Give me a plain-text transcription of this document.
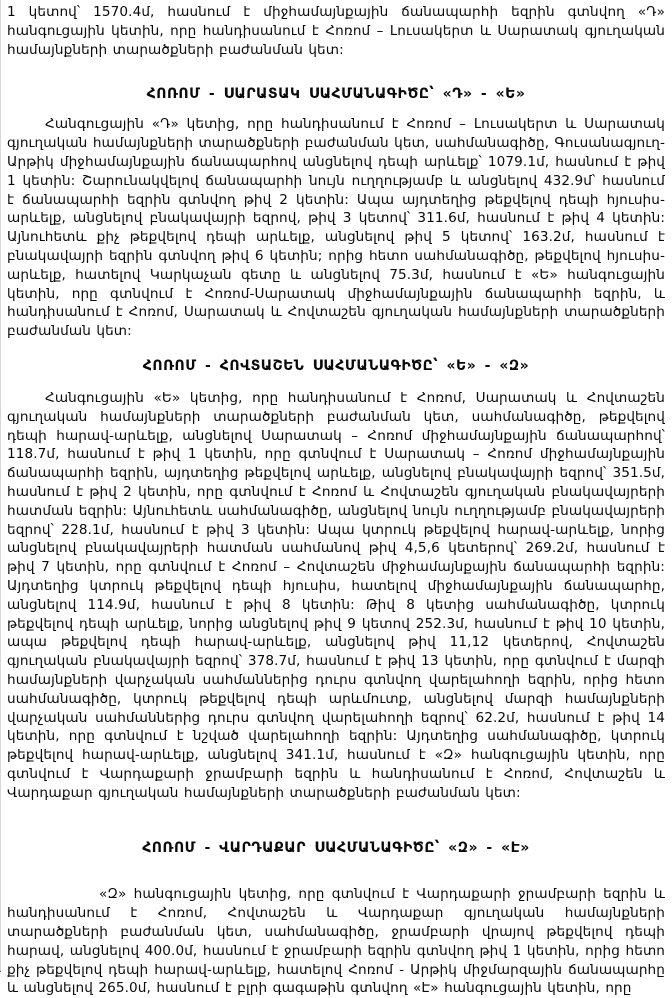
1 կետով՝ 1570.4մ, հասնում է միջհամայնքային ճանապարհի եզրին գտնվող «Դ» հանգուցային կետին, որը հանդիսանում է Հոռոմ – Լուսակերտ և Սարատակ գյուղական համայնքների տարածքների բաժանման կետ:

ՀՈՌՈՄ - ՍԱՐԱՏԱԿ ՍԱՀՄԱՆԱԳԻԾԸ՝ «Դ» - «Ե»

Հանգուցային «Դ» կետից, որը հանդիսանում է Հոռոմ – Լուսակերտ և Սարատակ գյուղական համայնքների տարածքների բաժանման կետ, սահմանագիծը, Գուսանագյուղ- Արթիկ միջհամայնքային ճանապարհով անցնելով դեպի արևելք՝ 1079.1մ, հասնում է թիվ 1 կետին: Շարունակվելով ճանապարհի նույն ուղղությամբ և անցնելով 432.9մ՝ հասնում է ճանապարհի եզրին գտնվող թիվ 2 կետին: Ապա այդտեղից թեքվելով դեպի հյուսիս-արևելք, անցնելով բնակավայրի եզրով, թիվ 3 կետով՝ 311.6մ, հասնում է թիվ 4 կետին: Այնուհետև քիչ թեքվելով դեպի արևելք, անցնելով թիվ 5 կետով՝ 163.2մ, հասնում է բնակավայրի եզրին գտնվող թիվ 6 կետին; որից հետո սահմանագիծը, թեքվելով հյուսիս-արևելք, հատելով Կարկաչան գետը և անցնելով 75.3մ, հասնում է «Ե» հանգուցային կետին, որը գտնվում է Հոռոմ-Սարատակ միջհամայնքային ճանապարհի եզրին, և հանդիսանում է Հոռոմ, Սարատակ և Հովտաշեն գյուղական համայնքների տարածքների բաժանման կետ:

ՀՈՌՈՄ - ՀՈՎՏԱՇԵՆ ՍԱՀՄԱՆԱԳԻԾԸ՝ «Ե» - «Զ»

Հանգուցային «Ե» կետից, որը հանդիսանում է Հոռոմ, Սարատակ և Հովտաշեն գյուղական համայնքների տարածքների բաժանման կետ, սահմանագիծը, թեքվելով դեպի հարավ-արևելք, անցնելով Սարատակ – Հոռոմ միջհամայնքային ճանապարհով՝ 118.7մ, հասնում է թիվ 1 կետին, որը գտնվում է Սարատակ – Հոռոմ միջհամայնքային ճանապարհի եզրին, այդտեղից թեքվելով արևելք, անցնելով բնակավայրի եզրով՝ 351.5մ, հասնում է թիվ 2 կետին, որը գտնվում է Հոռոմ և Հովտաշեն գյուղական բնակավայրերի հատման եզրին: Այնուհետև սահմանագիծը, անցնելով նույն ուղղությամբ բնակավայրերի եզրով՝ 228.1մ, հասնում է թիվ 3 կետին: Ապա կտրուկ թեքվելով հարավ-արևելք, նորից անցնելով բնակավայրերի հատման սահմանով թիվ 4,5,6 կետերով՝ 269.2մ, հասնում է թիվ 7 կետին, որը գտնվում է Հոռոմ – Հովտաշեն միջհամայնքային ճանապարհի եզրին: Այդտեղից կտրուկ թեքվելով դեպի հյուսիս, հատելով միջհամայնքային ճանապարհը, անցնելով 114.9մ, հասնում է թիվ 8 կետին: Թիվ 8 կետից սահմանագիծը, կտրուկ թեքվելով դեպի արևելք, նորից անցնելով թիվ 9 կետով 252.3մ, հասնում է թիվ 10 կետին, ապա թեքվելով դեպի հարավ-արևելք, անցնելով թիվ 11,12 կետերով, Հովտաշեն գյուղական բնակավայրի եզրով՝ 378.7մ, հասնում է թիվ 13 կետին, որը գտնվում է մարզի համայնքների վարչական սահմաններից դուրս գտնվող վարելահողի եզրին, որից հետո սահմանագիծը, կտրուկ թեքվելով դեպի արևմուտք, անցնելով մարզի համայնքների վարչական սահմաններից դուրս գտնվող վարելահողի եզրով՝ 62.2մ, հասնում է թիվ 14 կետին, որը գտնվում է նշված վարելահողի եզրին: Այդտեղից սահմանագիծը, կտրուկ թեքվելով հարավ-արևելք, անցնելով 341.1մ, հասնում է «Զ» հանգուցային կետին, որը գտնվում է Վարդաքարի ջրամբարի եզրին և հանդիսանում է Հոռոմ, Հովտաշեն և Վարդաքար գյուղական համայնքների տարածքների բաժանման կետ:

ՀՈՌՈՄ - ՎԱՐԴԱՔԱՐ ՍԱՀՄԱՆԱԳԻԾԸ՝ «Զ» - «Է»

«Զ» հանգուցային կետից, որը գտնվում է Վարդաքարի ջրամբարի եզրին և հանդիսանում է Հոռոմ, Հովտաշեն և Վարդաքար գյուղական համայնքների տարածքների բաժանման կետ, սահմանագիծը, ջրամբարի վրայով թեքվելով դեպի հարավ, անցնելով 400.0մ, հասնում է ջրամբարի եզրին գտնվող թիվ 1 կետին, որից հետո քիչ թեքվելով դեպի հարավ-արևելք, հատելով Հոռոմ - Արթիկ միջմարզային ճանապարհը և անցնելով 265.0մ, հասնում է բլրի գագաթին գտնվող «Է» հանգուցային կետին, որը
